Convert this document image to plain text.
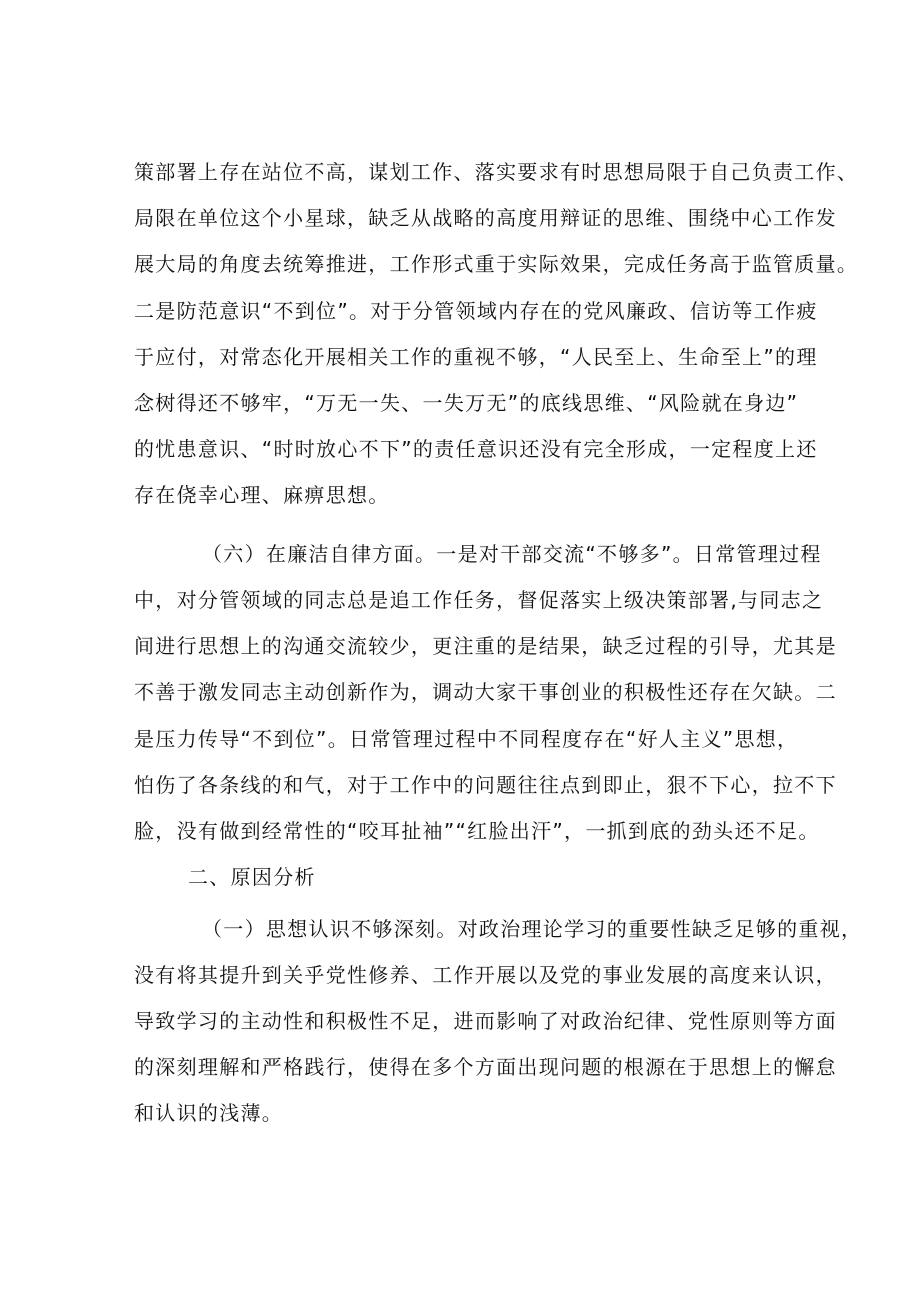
策部署上存在站位不高，谋划工作、落实要求有时思想局限于自己负责工作、
局限在单位这个小星球，缺乏从战略的高度用辩证的思维、围绕中心工作发
展大局的角度去统筹推进，工作形式重于实际效果，完成任务高于监管质量。
二是防范意识“不到位”。对于分管领域内存在的党风廉政、信访等工作疲
于应付，对常态化开展相关工作的重视不够，“人民至上、生命至上”的理
念树得还不够牢，“万无一失、一失万无”的底线思维、“风险就在身边”
的忧患意识、“时时放心不下”的责任意识还没有完全形成，一定程度上还
存在侥幸心理、麻痹思想。
（六）在廉洁自律方面。一是对干部交流“不够多”。日常管理过程
中，对分管领域的同志总是追工作任务，督促落实上级决策部署,与同志之
间进行思想上的沟通交流较少，更注重的是结果，缺乏过程的引导，尤其是
不善于激发同志主动创新作为，调动大家干事创业的积极性还存在欠缺。二
是压力传导“不到位”。日常管理过程中不同程度存在“好人主义”思想，
怕伤了各条线的和气，对于工作中的问题往往点到即止，狠不下心，拉不下
脸，没有做到经常性的“咬耳扯袖”“红脸出汗”，一抓到底的劲头还不足。
二、原因分析
（一）思想认识不够深刻。对政治理论学习的重要性缺乏足够的重视，
没有将其提升到关乎党性修养、工作开展以及党的事业发展的高度来认识，
导致学习的主动性和积极性不足，进而影响了对政治纪律、党性原则等方面
的深刻理解和严格践行，使得在多个方面出现问题的根源在于思想上的懈怠
和认识的浅薄。
